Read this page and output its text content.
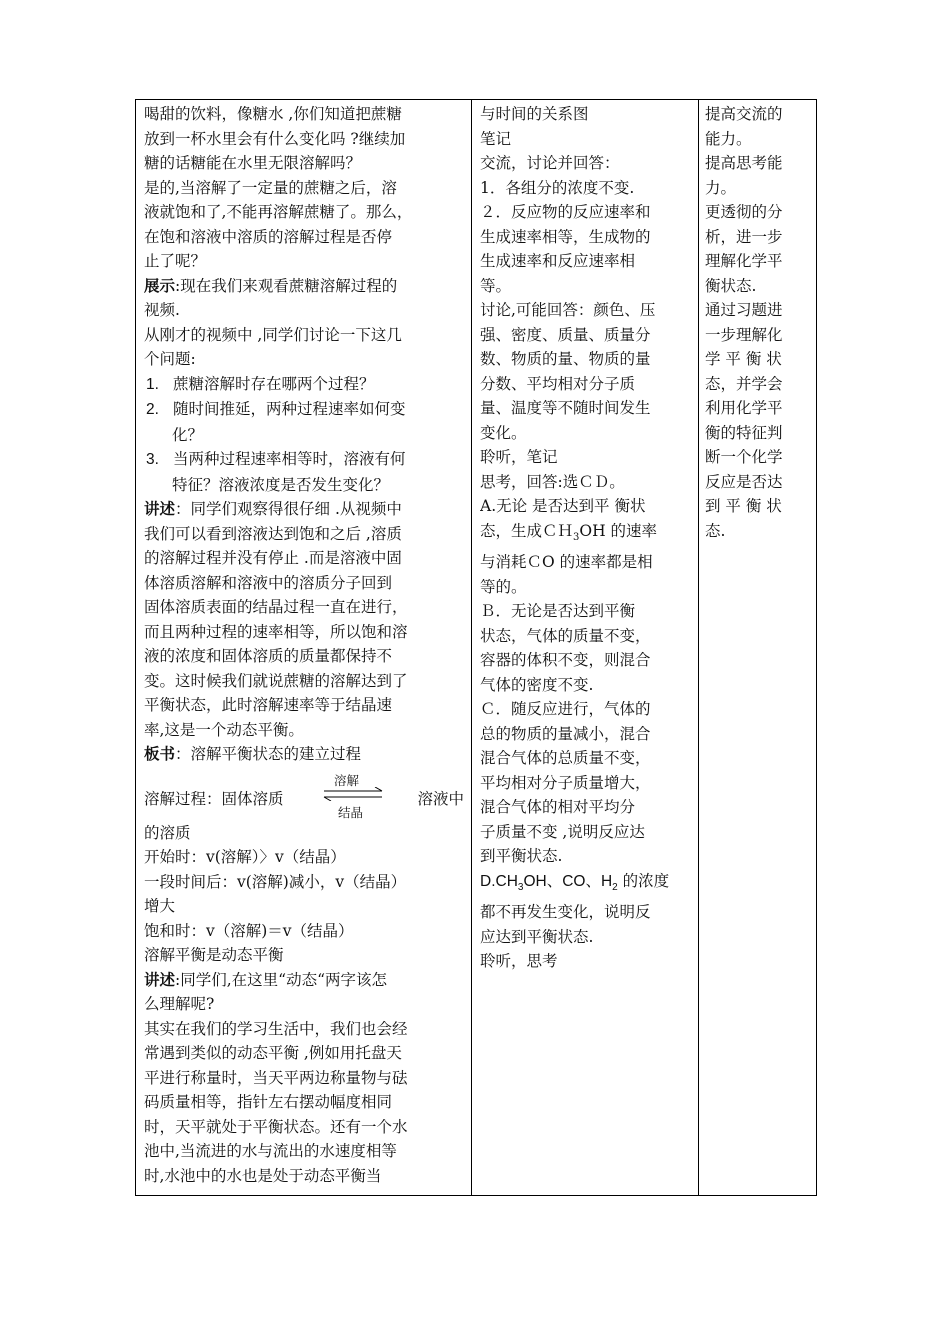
喝甜的饮料，像糖水 ,你们知道把蔗糖
放到一杯水里会有什么变化吗 ?继续加
糖的话糖能在水里无限溶解吗？
是的,当溶解了一定量的蔗糖之后，溶
液就饱和了,不能再溶解蔗糖了。那么，
在饱和溶液中溶质的溶解过程是否停
止了呢？
展示:现在我们来观看蔗糖溶解过程的
视频.
从刚才的视频中 ,同学们讨论一下这几
个问题:
1. 蔗糖溶解时存在哪两个过程？
2. 随时间推延，两种过程速率如何变
化？
3. 当两种过程速率相等时，溶液有何
特征？溶液浓度是否发生变化？
讲述：同学们观察得很仔细 .从视频中
我们可以看到溶液达到饱和之后 ,溶质
的溶解过程并没有停止 .而是溶液中固
体溶质溶解和溶液中的溶质分子回到
固体溶质表面的结晶过程一直在进行，
而且两种过程的速率相等，所以饱和溶
液的浓度和固体溶质的质量都保持不
变。这时候我们就说蔗糖的溶解达到了
平衡状态，此时溶解速率等于结晶速
率,这是一个动态平衡。
板书：溶解平衡状态的建立过程
溶解过程：固体溶质
溶解
结晶
溶液中
的溶质
开始时：v(溶解）〉v（结晶）
一段时间后：v(溶解)减小，v（结晶）
增大
饱和时：v（溶解)＝v（结晶）
溶解平衡是动态平衡
讲述:同学们,在这里“动态“两字该怎
么理解呢?
其实在我们的学习生活中，我们也会经
常遇到类似的动态平衡 ,例如用托盘天
平进行称量时，当天平两边称量物与砝
码质量相等，指针左右摆动幅度相同
时，天平就处于平衡状态。还有一个水
池中,当流进的水与流出的水速度相等
时,水池中的水也是处于动态平衡当
与时间的关系图
笔记
交流，讨论并回答：
1．各组分的浓度不变.
２．反应物的反应速率和
生成速率相等，生成物的
生成速率和反应速率相
等。
讨论,可能回答：颜色、压
强、密度、质量、质量分
数、物质的量、物质的量
分数、平均相对分子质
量、温度等不随时间发生
变化。
聆听，笔记
思考，回答:选ＣＤ。
A.无论 是否达到平 衡状
态，生成ＣＨ$_3$OH 的速率
与消耗ＣO 的速率都是相
等的。
Ｂ．无论是否达到平衡
状态，气体的质量不变，
容器的体积不变，则混合
气体的密度不变.
Ｃ．随反应进行，气体的
总的物质的量减小，混合
混合气体的总质量不变，
平均相对分子质量增大，
混合气体的相对平均分
子质量不变 ,说明反应达
到平衡状态.
$D.CH_3OH$、CO、$H_2$ 的浓度
都不再发生变化，说明反
应达到平衡状态.
聆听，思考
提高交流的
能力。
提高思考能
力。
更透彻的分
析，进一步
理解化学平
衡状态.
通过习题进
一步理解化
学 平 衡 状
态，并学会
利用化学平
衡的特征判
断一个化学
反应是否达
到 平 衡 状
态.
